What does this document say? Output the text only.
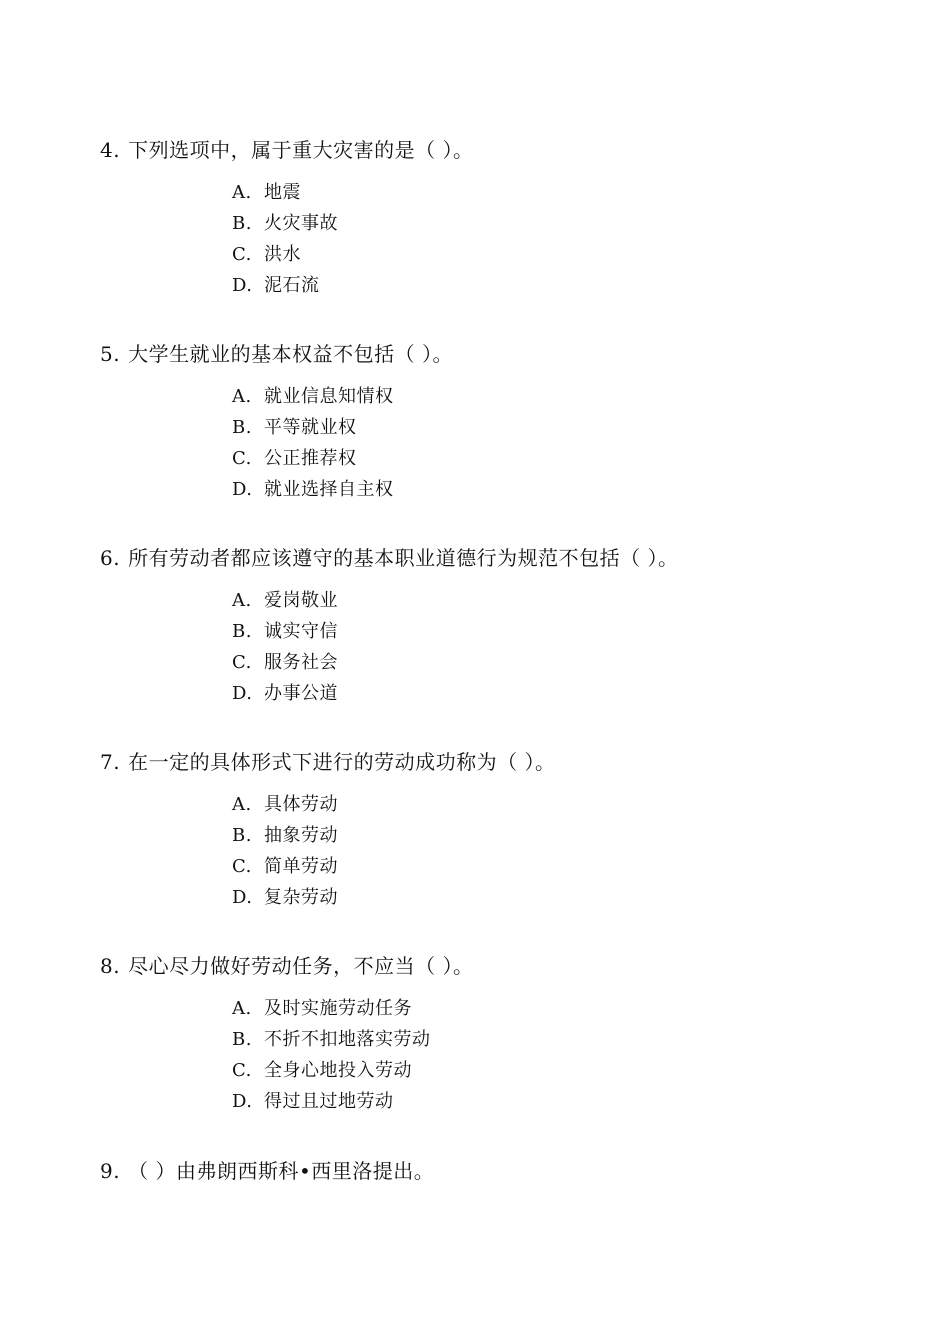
4. 下列选项中，属于重大灾害的是（ ）。
A. 地震
B. 火灾事故
C. 洪水
D. 泥石流
5. 大学生就业的基本权益不包括（ ）。
A. 就业信息知情权
B. 平等就业权
C. 公正推荐权
D. 就业选择自主权
6. 所有劳动者都应该遵守的基本职业道德行为规范不包括（ ）。
A. 爱岗敬业
B. 诚实守信
C. 服务社会
D. 办事公道
7. 在一定的具体形式下进行的劳动成功称为（ ）。
A. 具体劳动
B. 抽象劳动
C. 简单劳动
D. 复杂劳动
8. 尽心尽力做好劳动任务，不应当（ ）。
A. 及时实施劳动任务
B. 不折不扣地落实劳动
C. 全身心地投入劳动
D. 得过且过地劳动
9. （ ）由弗朗西斯科•西里洛提出。
